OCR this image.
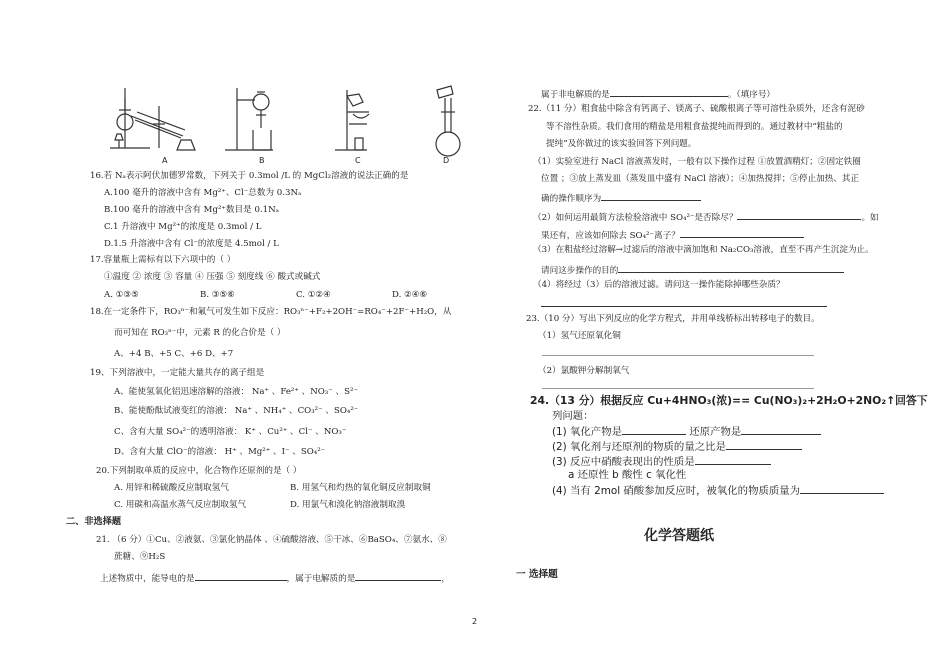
A	B	C	D
16.若 Nₐ表示阿伏加德罗常数，下列关于 0.3mol /L 的 MgCl₂溶液的说法正确的是
A.100 毫升的溶液中含有 Mg²⁺、Cl⁻总数为 0.3Nₐ
B.100 毫升的溶液中含有 Mg²⁺数目是 0.1Nₐ
C.1 升溶液中 Mg²⁺的浓度是 0.3mol / L
D.1.5 升溶液中含有 Cl⁻的浓度是 4.5mol / L
17.容量瓶上需标有以下六项中的（ ）
①温度 ② 浓度 ③ 容量 ④ 压强 ⑤ 刻度线 ⑥ 酸式或碱式
A. ①③⑤	B. ③⑤⑥	C. ①②④	D. ②④⑥
18.在一定条件下，RO₃ⁿ⁻和氟气可发生如下反应：RO₃ⁿ⁻+F₂+2OH⁻=RO₄⁻+2F⁻+H₂O，从
而可知在 RO₃ⁿ⁻中，元素 R 的化合价是（ ）
A、+4 B、+5 C、+6 D、+7
19、下列溶液中，一定能大量共存的离子组是
A、能使氢氧化铝迅速溶解的溶液： Na⁺ 、Fe²⁺ 、NO₃⁻ 、S²⁻
B、能使酚酞试液变红的溶液： Na⁺ 、NH₄⁺ 、CO₃²⁻ 、SO₄²⁻
C、含有大量 SO₄²⁻的透明溶液： K⁺ 、Cu²⁺ 、Cl⁻ 、NO₃⁻
D、含有大量 ClO⁻的溶液： H⁺ 、Mg²⁺ 、I⁻ 、SO₄²⁻
20.下列制取单质的反应中，化合物作还原剂的是（ ）
A. 用锌和稀硫酸反应制取氢气	B. 用氢气和灼热的氧化铜反应制取铜
C. 用碳和高温水蒸气反应制取氢气	D. 用氯气和溴化钠溶液制取溴
二、非选择题
21. （6 分）①Cu、②液氨、③氯化钠晶体 、④硫酸溶液、⑤干冰、⑥BaSO₄、⑦氨水、⑧
蔗糖、⑨H₂S
上述物质中，能导电的是	，属于电解质的是	，
属于非电解质的是	。（填序号）
22.（11 分）粗食盐中除含有钙离子、镁离子、硫酸根离子等可溶性杂质外，还含有泥砂
等不溶性杂质。我们食用的精盐是用粗食盐提纯而得到的。通过教材中“粗盐的
提纯”及你做过的该实验回答下列问题。
（1）实验室进行 NaCl 溶液蒸发时，一般有以下操作过程 ①放置酒精灯；②固定铁圈
位置 ；③放上蒸发皿（蒸发皿中盛有 NaCl 溶液）；④加热搅拌；⑤停止加热、其正
确的操作顺序为
（2）如何运用最简方法检验溶液中 SO₄²⁻是否除尽？	。如
果还有，应该如何除去 SO₄²⁻离子？
（3）在粗盐经过溶解→过滤后的溶液中滴加饱和 Na₂CO₃溶液，直至不再产生沉淀为止。
请问这步操作的目的
（4）将经过（3）后的溶液过滤。请问这一操作能除掉哪些杂质？
23.（10 分）写出下列反应的化学方程式，并用单线桥标出转移电子的数目。
（1）氢气还原氧化铜
（2）氯酸钾分解制氧气
24.（13 分）根据反应 Cu+4HNO₃(浓)== Cu(NO₃)₂+2H₂O+2NO₂↑回答下
列问题：
(1) 氧化产物是	还原产物是
(2) 氧化剂与还原剂的物质的量之比是
(3) 反应中硝酸表现出的性质是
a 还原性 b 酸性 c 氧化性
(4) 当有 2mol 硝酸参加反应时，被氧化的物质质量为
化学答题纸
一 选择题
2
